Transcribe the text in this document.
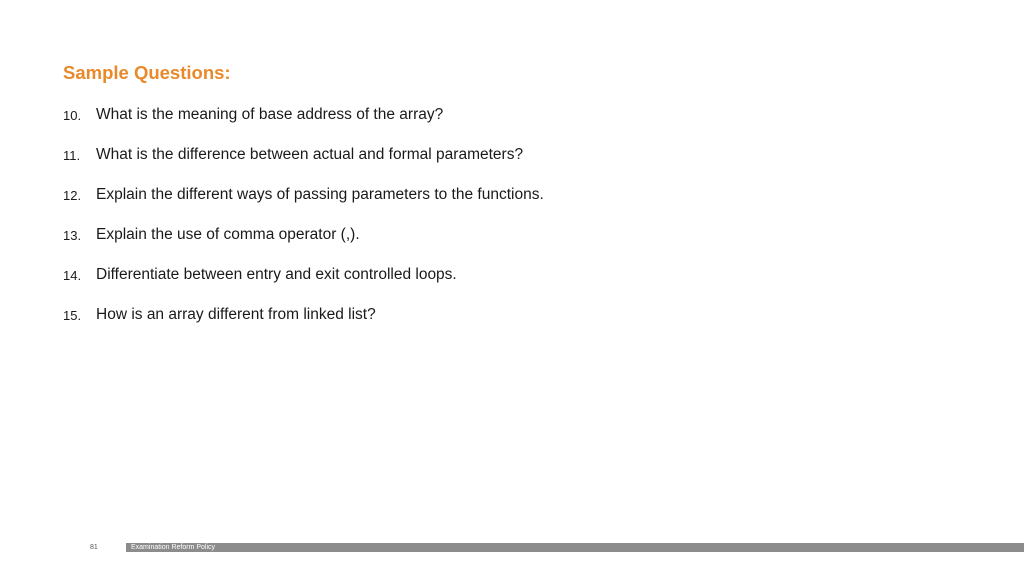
Sample Questions:
10. What is the meaning of base address of the array?
11. What is the difference between actual and formal parameters?
12. Explain the different ways of passing parameters to the functions.
13. Explain the use of comma operator (,).
14. Differentiate between entry and exit controlled loops.
15. How is an array different from linked list?
81	Examination Reform Policy
